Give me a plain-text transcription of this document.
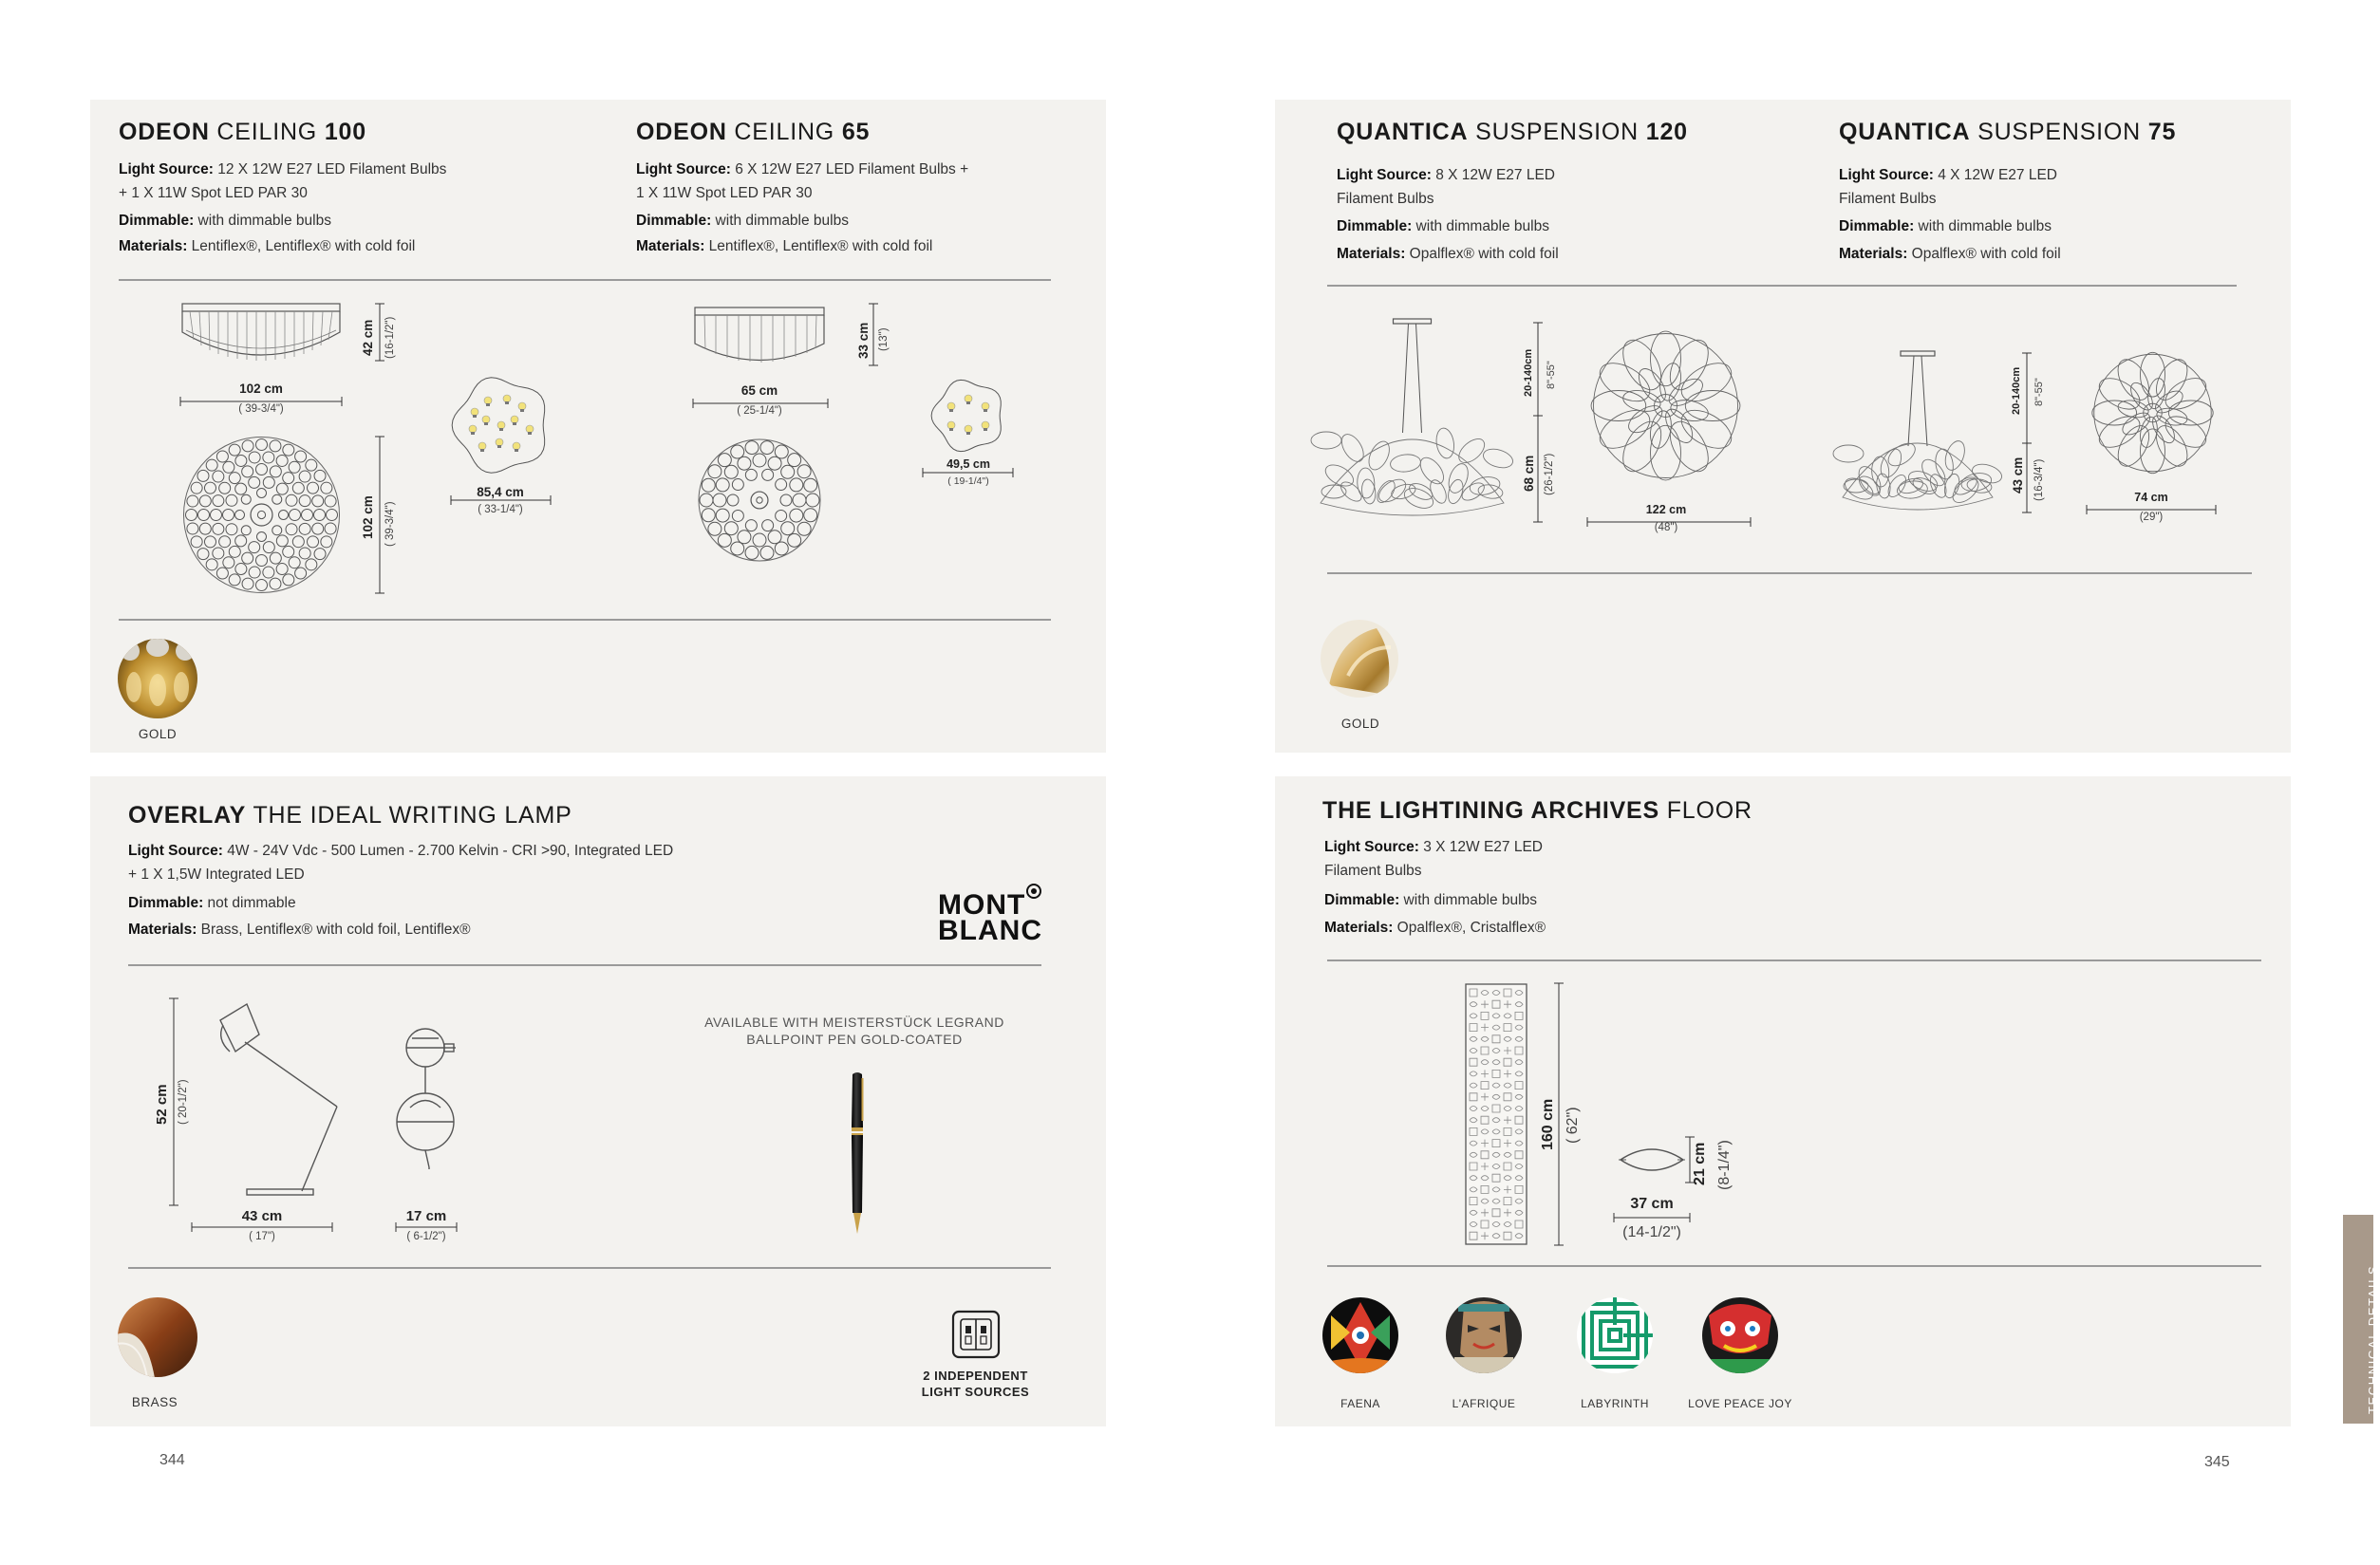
ODEON CEILING 100
Light Source: 12 X 12W E27 LED Filament Bulbs
+ 1 X 11W Spot LED PAR 30
Dimmable: with dimmable bulbs
Materials: Lentiflex®, Lentiflex® with cold foil
ODEON CEILING 65
Light Source: 6 X 12W E27 LED Filament Bulbs +
1 X 11W Spot LED PAR 30
Dimmable: with dimmable bulbs
Materials: Lentiflex®, Lentiflex® with cold foil
102 cm
( 39-3/4")
42 cm (16-1/2")
102 cm ( 39-3/4")
85,4 cm
( 33-1/4")
65 cm
( 25-1/4")
33 cm (13")
49,5 cm
( 19-1/4")
GOLD
QUANTICA SUSPENSION 120
Light Source: 8 X 12W E27 LED
Filament Bulbs
Dimmable: with dimmable bulbs
Materials: Opalflex® with cold foil
QUANTICA SUSPENSION 75
Light Source: 4 X 12W E27 LED
Filament Bulbs
Dimmable: with dimmable bulbs
Materials: Opalflex® with cold foil
20-140cm 8"-55"
68 cm (26-1/2")
122 cm
(48")
20-140cm 8"-55"
43 cm (16-3/4")	74 cm
(29")
GOLD
OVERLAY THE IDEAL WRITING LAMP
Light Source: 4W - 24V Vdc - 500 Lumen - 2.700 Kelvin - CRI >90, Integrated LED
+ 1 X 1,5W Integrated LED
Dimmable: not dimmable
Materials: Brass, Lentiflex® with cold foil, Lentiflex®
MONT
BLANC
52 cm ( 20-1/2")
43 cm
( 17")
17 cm
( 6-1/2")
AVAILABLE WITH MEISTERSTÜCK LEGRAND
BALLPOINT PEN GOLD-COATED
BRASS
2 INDEPENDENT
LIGHT SOURCES
THE LIGHTINING ARCHIVES FLOOR
Light Source: 3 X 12W E27 LED
Filament Bulbs
Dimmable: with dimmable bulbs
Materials: Opalflex®, Cristalflex®
160 cm ( 62")
21 cm (8-1/4")
37 cm
(14-1/2")
FAENA	L'AFRIQUE	LABYRINTH	LOVE PEACE JOY
344	345
TECHNICAL DETAILS
